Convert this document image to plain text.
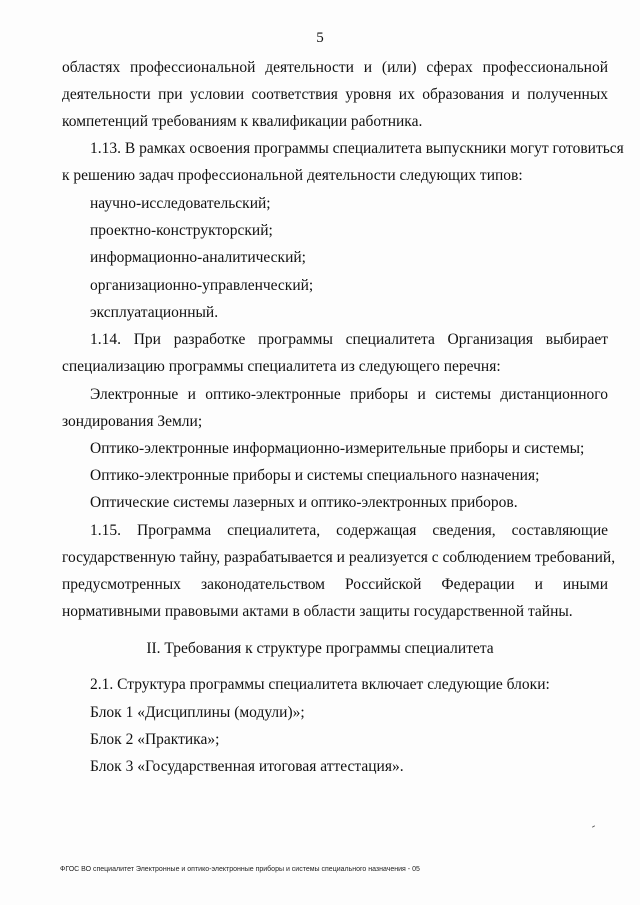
5
областях профессиональной деятельности и (или) сферах профессиональной
деятельности при условии соответствия уровня их образования и полученных
компетенций требованиям к квалификации работника.
1.13. В рамках освоения программы специалитета выпускники могут готовиться
к решению задач профессиональной деятельности следующих типов:
научно-исследовательский;
проектно-конструкторский;
информационно-аналитический;
организационно-управленческий;
эксплуатационный.
1.14. При разработке программы специалитета Организация выбирает
специализацию программы специалитета из следующего перечня:
Электронные и оптико-электронные приборы и системы дистанционного
зондирования Земли;
Оптико-электронные информационно-измерительные приборы и системы;
Оптико-электронные приборы и системы специального назначения;
Оптические системы лазерных и оптико-электронных приборов.
1.15. Программа специалитета, содержащая сведения, составляющие
государственную тайну, разрабатывается и реализуется с соблюдением требований,
предусмотренных законодательством Российской Федерации и иными
нормативными правовыми актами в области защиты государственной тайны.
II. Требования к структуре программы специалитета
2.1. Структура программы специалитета включает следующие блоки:
Блок 1 «Дисциплины (модули)»;
Блок 2 «Практика»;
Блок 3 «Государственная итоговая аттестация».
ФГОС ВО специалитет Электронные и оптико-электронные приборы и системы специального назначения - 05
